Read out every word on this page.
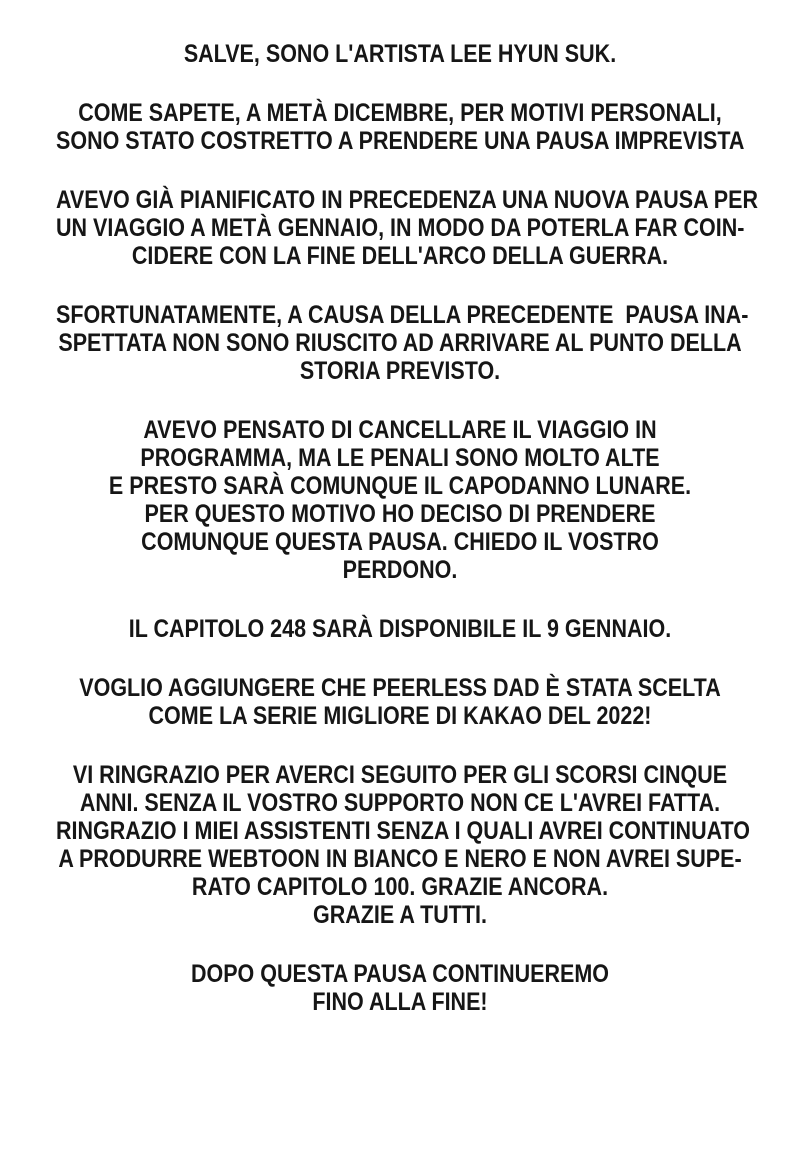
SALVE, SONO L'ARTISTA LEE HYUN SUK.

COME SAPETE, A METÀ DICEMBRE, PER MOTIVI PERSONALI,
SONO STATO COSTRETTO A PRENDERE UNA PAUSA IMPREVISTA

AVEVO GIÀ PIANIFICATO IN PRECEDENZA UNA NUOVA PAUSA PER
UN VIAGGIO A METÀ GENNAIO, IN MODO DA POTERLA FAR COIN-
CIDERE CON LA FINE DELL'ARCO DELLA GUERRA.

SFORTUNATAMENTE, A CAUSA DELLA PRECEDENTE  PAUSA INA-
SPETTATA NON SONO RIUSCITO AD ARRIVARE AL PUNTO DELLA
STORIA PREVISTO.

AVEVO PENSATO DI CANCELLARE IL VIAGGIO IN
PROGRAMMA, MA LE PENALI SONO MOLTO ALTE
E PRESTO SARÀ COMUNQUE IL CAPODANNO LUNARE.
PER QUESTO MOTIVO HO DECISO DI PRENDERE
COMUNQUE QUESTA PAUSA. CHIEDO IL VOSTRO
PERDONO.

IL CAPITOLO 248 SARÀ DISPONIBILE IL 9 GENNAIO.

VOGLIO AGGIUNGERE CHE PEERLESS DAD È STATA SCELTA
COME LA SERIE MIGLIORE DI KAKAO DEL 2022!

VI RINGRAZIO PER AVERCI SEGUITO PER GLI SCORSI CINQUE
ANNI. SENZA IL VOSTRO SUPPORTO NON CE L'AVREI FATTA.
RINGRAZIO I MIEI ASSISTENTI SENZA I QUALI AVREI CONTINUATO
A PRODURRE WEBTOON IN BIANCO E NERO E NON AVREI SUPE-
RATO CAPITOLO 100. GRAZIE ANCORA.
GRAZIE A TUTTI.

DOPO QUESTA PAUSA CONTINUEREMO
FINO ALLA FINE!
